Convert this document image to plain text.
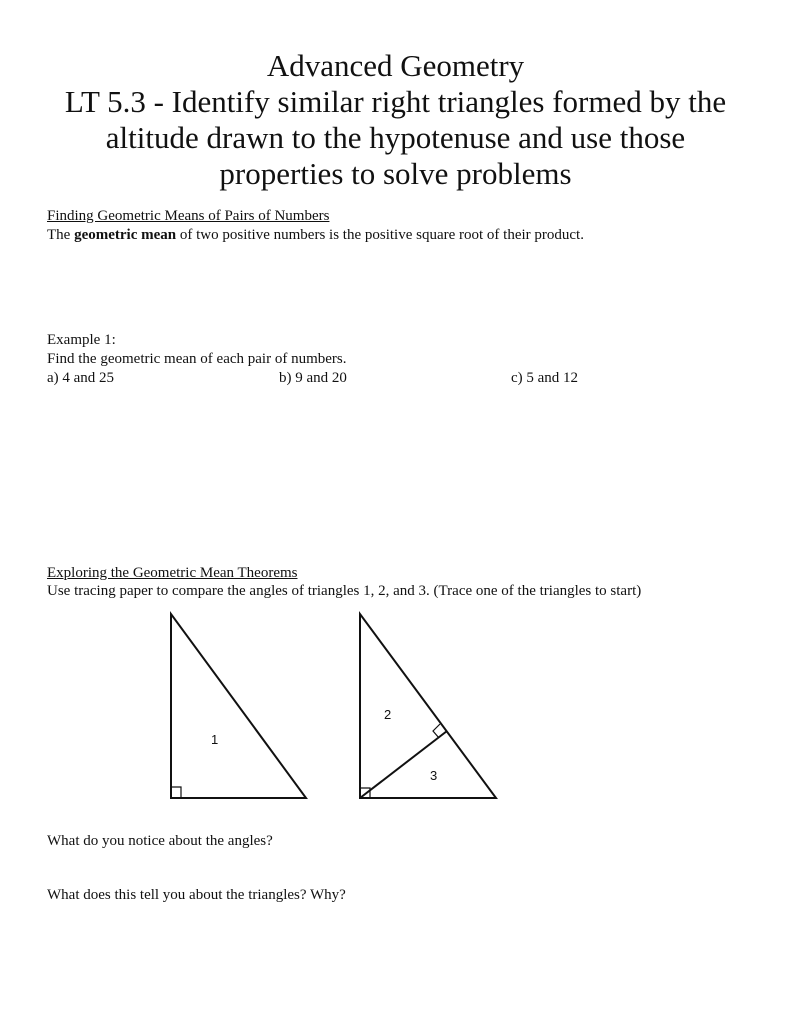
Advanced Geometry
LT 5.3 - Identify similar right triangles formed by the
altitude drawn to the hypotenuse and use those
properties to solve problems
Finding Geometric Means of Pairs of Numbers
The geometric mean of two positive numbers is the positive square root of their product.
Example 1:
Find the geometric mean of each pair of numbers.
a) 4 and 25	b) 9 and 20	c) 5 and 12
Exploring the Geometric Mean Theorems
Use tracing paper to compare the angles of triangles 1, 2, and 3. (Trace one of the triangles to start)
1
2
3
What do you notice about the angles?
What does this tell you about the triangles? Why?
